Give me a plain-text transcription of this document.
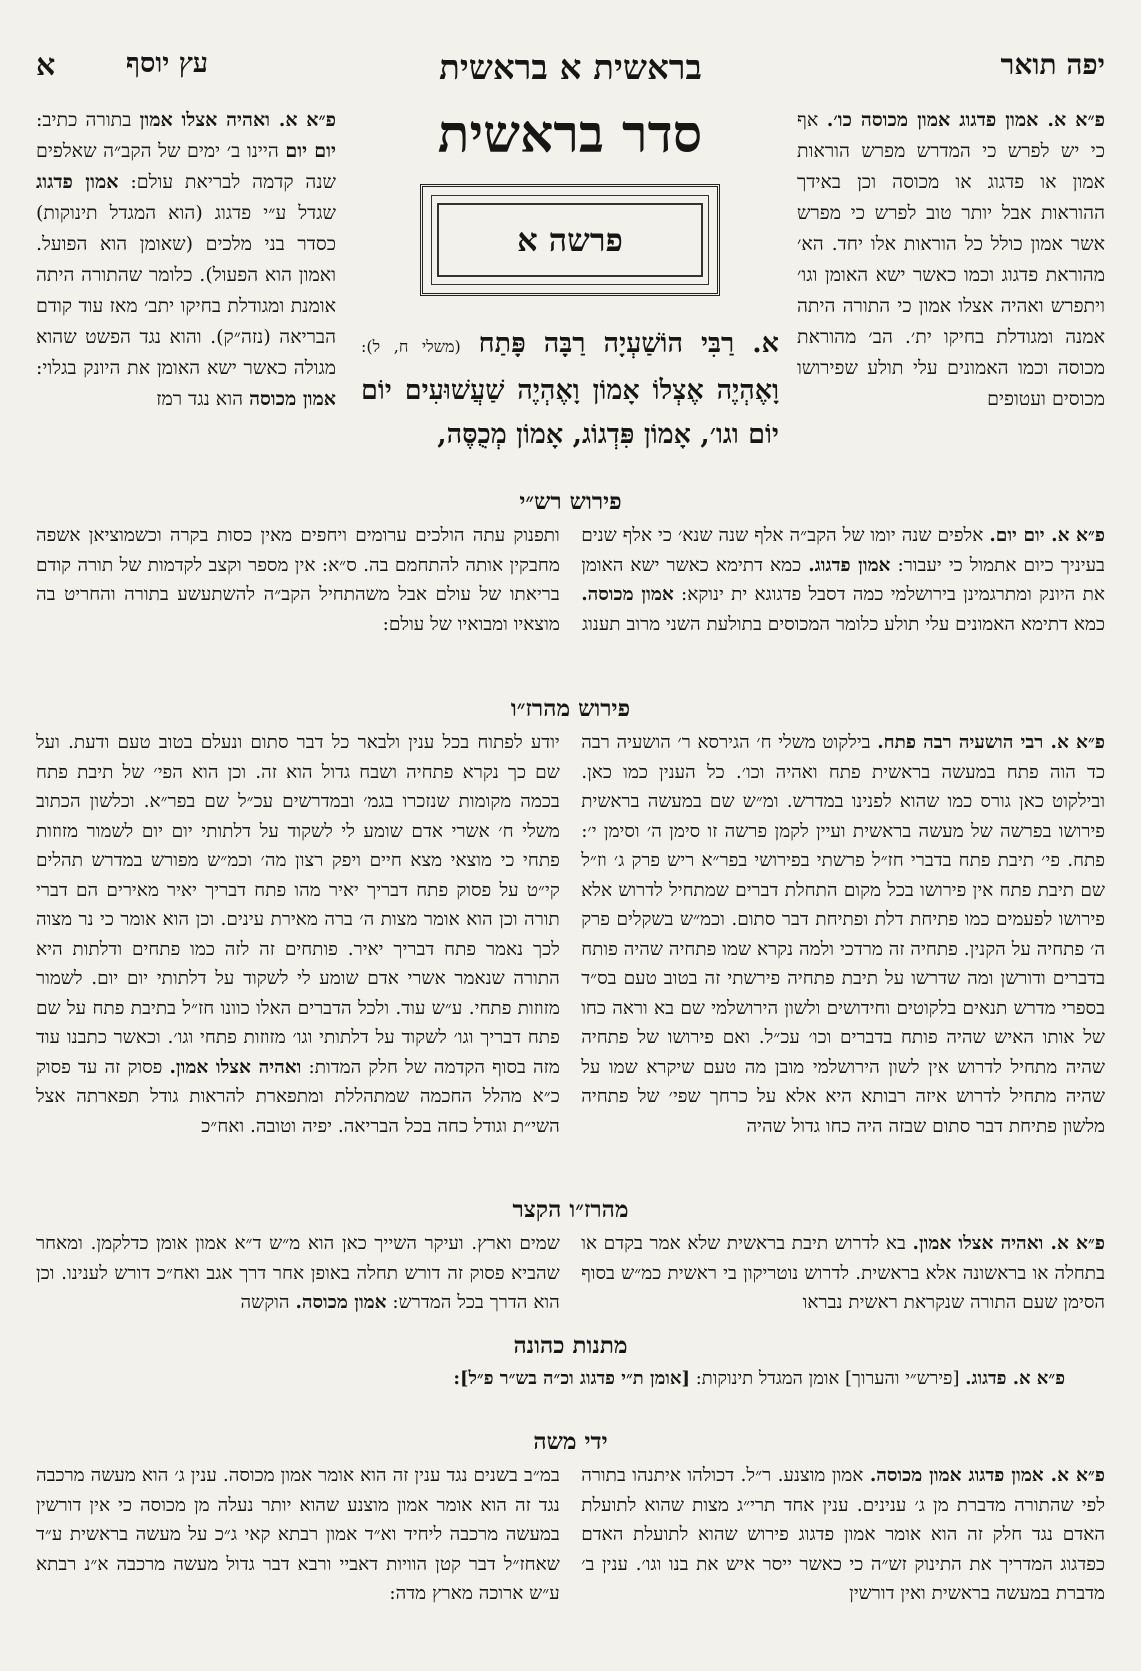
יפה תואר
בראשית א בראשית
עץ יוסף
א

פ״א א. אמון פדגוג אמון מכוסה כו׳. אף כי יש לפרש כי המדרש מפרש הוראות אמון או פדגוג או מכוסה וכן באידך ההוראות אבל יותר טוב לפרש כי מפרש אשר אמון כולל כל הוראות אלו יחד. הא׳ מהוראת פדגוג וכמו כאשר ישא האומן וגו׳ ויתפרש ואהיה אצלו אמון כי התורה היתה אמנה ומגודלת בחיקו ית׳. הב׳ מהוראת מכוסה וכמו האמונים עלי תולע שפירושו מכוסים ועטופים

פ״א א. ואהיה אצלו אמון בתורה כתיב: יום יום היינו ב׳ ימים של הקב״ה שאלפים שנה קדמה לבריאת עולם: אמון פדגוג שגדל ע״י פדגוג (הוא המגדל תינוקות) כסדר בני מלכים (שאומן הוא הפועל. ואמון הוא הפעול). כלומר שהתורה היתה אומנת ומגודלת בחיקו יתב׳ מאז עוד קודם הבריאה (נזה״ק). והוא נגד הפשט שהוא מגולה כאשר ישא האומן את היונק בגלוי: אמון מכוסה הוא נגד רמז

סדר בראשית
פרשה א
א. רַבִּי הוֹשַׁעְיָה רַבָּה פָּתַח (משלי ח, ל): וָאֶהְיֶה אֶצְלוֹ אָמוֹן וָאֶהְיֶה שַׁעֲשׁוּעִים יוֹם יוֹם וגו׳, אָמוֹן פִּדְגוֹג, אָמוֹן מְכֻסֶּה,
פירוש רש״י

פ״א א. יום יום. אלפים שנה יומו של הקב״ה אלף שנה שנא׳ כי אלף שנים בעיניך כיום אתמול כי יעבור: אמון פדגוג. כמא דתימא כאשר ישא האומן את היונק ומתרגמינן בירושלמי כמה דסבל פדגוגא ית ינוקא: אמון מכוסה. כמא דתימא האמונים עלי תולע כלומר המכוסים בתולעת השני מרוב תענוג

ותפנוק עתה הולכים ערומים ויחפים מאין כסות בקרה וכשמוציאן אשפה מחבקין אותה להתחמם בה. ס״א: אין מספר וקצב לקדמות של תורה קודם בריאתו של עולם אבל משהתחיל הקב״ה להשתעשע בתורה והחריט בה מוצאיו ומבואיו של עולם:

פירוש מהרז״ו

פ״א א. רבי הושעיה רבה פתח. בילקוט משלי ח׳ הגירסא ר׳ הושעיה רבה כד הוה פתח במעשה בראשית פתח ואהיה וכו׳. כל הענין כמו כאן. ובילקוט כאן גורס כמו שהוא לפנינו במדרש. ומ״ש שם במעשה בראשית פירושו בפרשה של מעשה בראשית ועיין לקמן פרשה זו סימן ה׳ וסימן י׳: פתח. פי׳ תיבת פתח בדברי חז״ל פרשתי בפירושי בפר״א ריש פרק ג׳ וז״ל שם תיבת פתח אין פירושו בכל מקום התחלת דברים שמתחיל לדרוש אלא פירושו לפעמים כמו פתיחת דלת ופתיחת דבר סתום. וכמ״ש בשקלים פרק ה׳ פתחיה על הקנין. פתחיה זה מרדכי ולמה נקרא שמו פתחיה שהיה פותח בדברים ודורשן ומה שדרשו על תיבת פתחיה פירשתי זה בטוב טעם בס״ד בספרי מדרש תנאים בלקוטים וחידושים ולשון הירושלמי שם בא וראה כחו של אותו האיש שהיה פותח בדברים וכו׳ עכ״ל. ואם פירושו של פתחיה שהיה מתחיל לדרוש אין לשון הירושלמי מובן מה טעם שיקרא שמו על שהיה מתחיל לדרוש איזה רבותא היא אלא על כרחך שפי׳ של פתחיה מלשון פתיחת דבר סתום שבזה היה כחו גדול שהיה

יודע לפתוח בכל ענין ולבאר כל דבר סתום ונעלם בטוב טעם ודעת. ועל שם כך נקרא פתחיה ושבח גדול הוא זה. וכן הוא הפי׳ של תיבת פתח בכמה מקומות שנזכרו בגמ׳ ובמדרשים עכ״ל שם בפר״א. וכלשון הכתוב משלי ח׳ אשרי אדם שומע לי לשקוד על דלתותי יום יום לשמור מזוזות פתחי כי מוצאי מצא חיים ויפק רצון מה׳ וכמ״ש מפורש במדרש תהלים קי״ט על פסוק פתח דבריך יאיר מהו פתח דבריך יאיר מאירים הם דברי תורה וכן הוא אומר מצות ה׳ ברה מאירת עינים. וכן הוא אומר כי נר מצוה לכך נאמר פתח דבריך יאיר. פותחים זה לזה כמו פתחים ודלתות היא התורה שנאמר אשרי אדם שומע לי לשקוד על דלתותי יום יום. לשמור מזוזות פתחי. ע״ש עוד. ולכל הדברים האלו כוונו חז״ל בתיבת פתח על שם פתח דבריך וגו׳ לשקוד על דלתותי וגו׳ מזוזות פתחי וגו׳. וכאשר כתבנו עוד מזה בסוף הקדמה של חלק המדות: ואהיה אצלו אמון. פסוק זה עד פסוק כ״א מהלל החכמה שמתהללת ומתפארת להראות גודל תפארתה אצל השי״ת וגודל כחה בכל הבריאה. יפיה וטובה. ואח״כ

מהרז״ו הקצר

פ״א א. ואהיה אצלו אמון. בא לדרוש תיבת בראשית שלא אמר בקדם או בתחלה או בראשונה אלא בראשית. לדרוש נוטריקון בי ראשית כמ״ש בסוף הסימן שעם התורה שנקראת ראשית נבראו

שמים וארץ. ועיקר השייך כאן הוא מ״ש ד״א אמון אומן כדלקמן. ומאחר שהביא פסוק זה דורש תחלה באופן אחר דרך אגב ואח״כ דורש לענינו. וכן הוא הדרך בכל המדרש: אמון מכוסה. הוקשה

מתנות כהונה
פ״א א. פדגוג. [פירש״י והערוך] אומן המגדל תינוקות: [אומן ת״י פדגוג וכ״ה בש״ר פ״ל]:
ידי משה

פ״א א. אמון פדגוג אמון מכוסה. אמון מוצנע. ר״ל. דכולהו איתנהו בתורה לפי שהתורה מדברת מן ג׳ ענינים. ענין אחד תרי״ג מצות שהוא לתועלת האדם נגד חלק זה הוא אומר אמון פדגוג פירוש שהוא לתועלת האדם כפדגוג המדריך את התינוק זש״ה כי כאשר ייסר איש את בנו וגו׳. ענין ב׳ מדברת במעשה בראשית ואין דורשין

במ״ב בשנים נגד ענין זה הוא אומר אמון מכוסה. ענין ג׳ הוא מעשה מרכבה נגד זה הוא אומר אמון מוצנע שהוא יותר נעלה מן מכוסה כי אין דורשין במעשה מרכבה ליחיד וא״ד אמון רבתא קאי ג״כ על מעשה בראשית ע״ד שאחז״ל דבר קטן הוויות דאביי ורבא דבר גדול מעשה מרכבה א״נ רבתא ע״ש ארוכה מארץ מדה:
